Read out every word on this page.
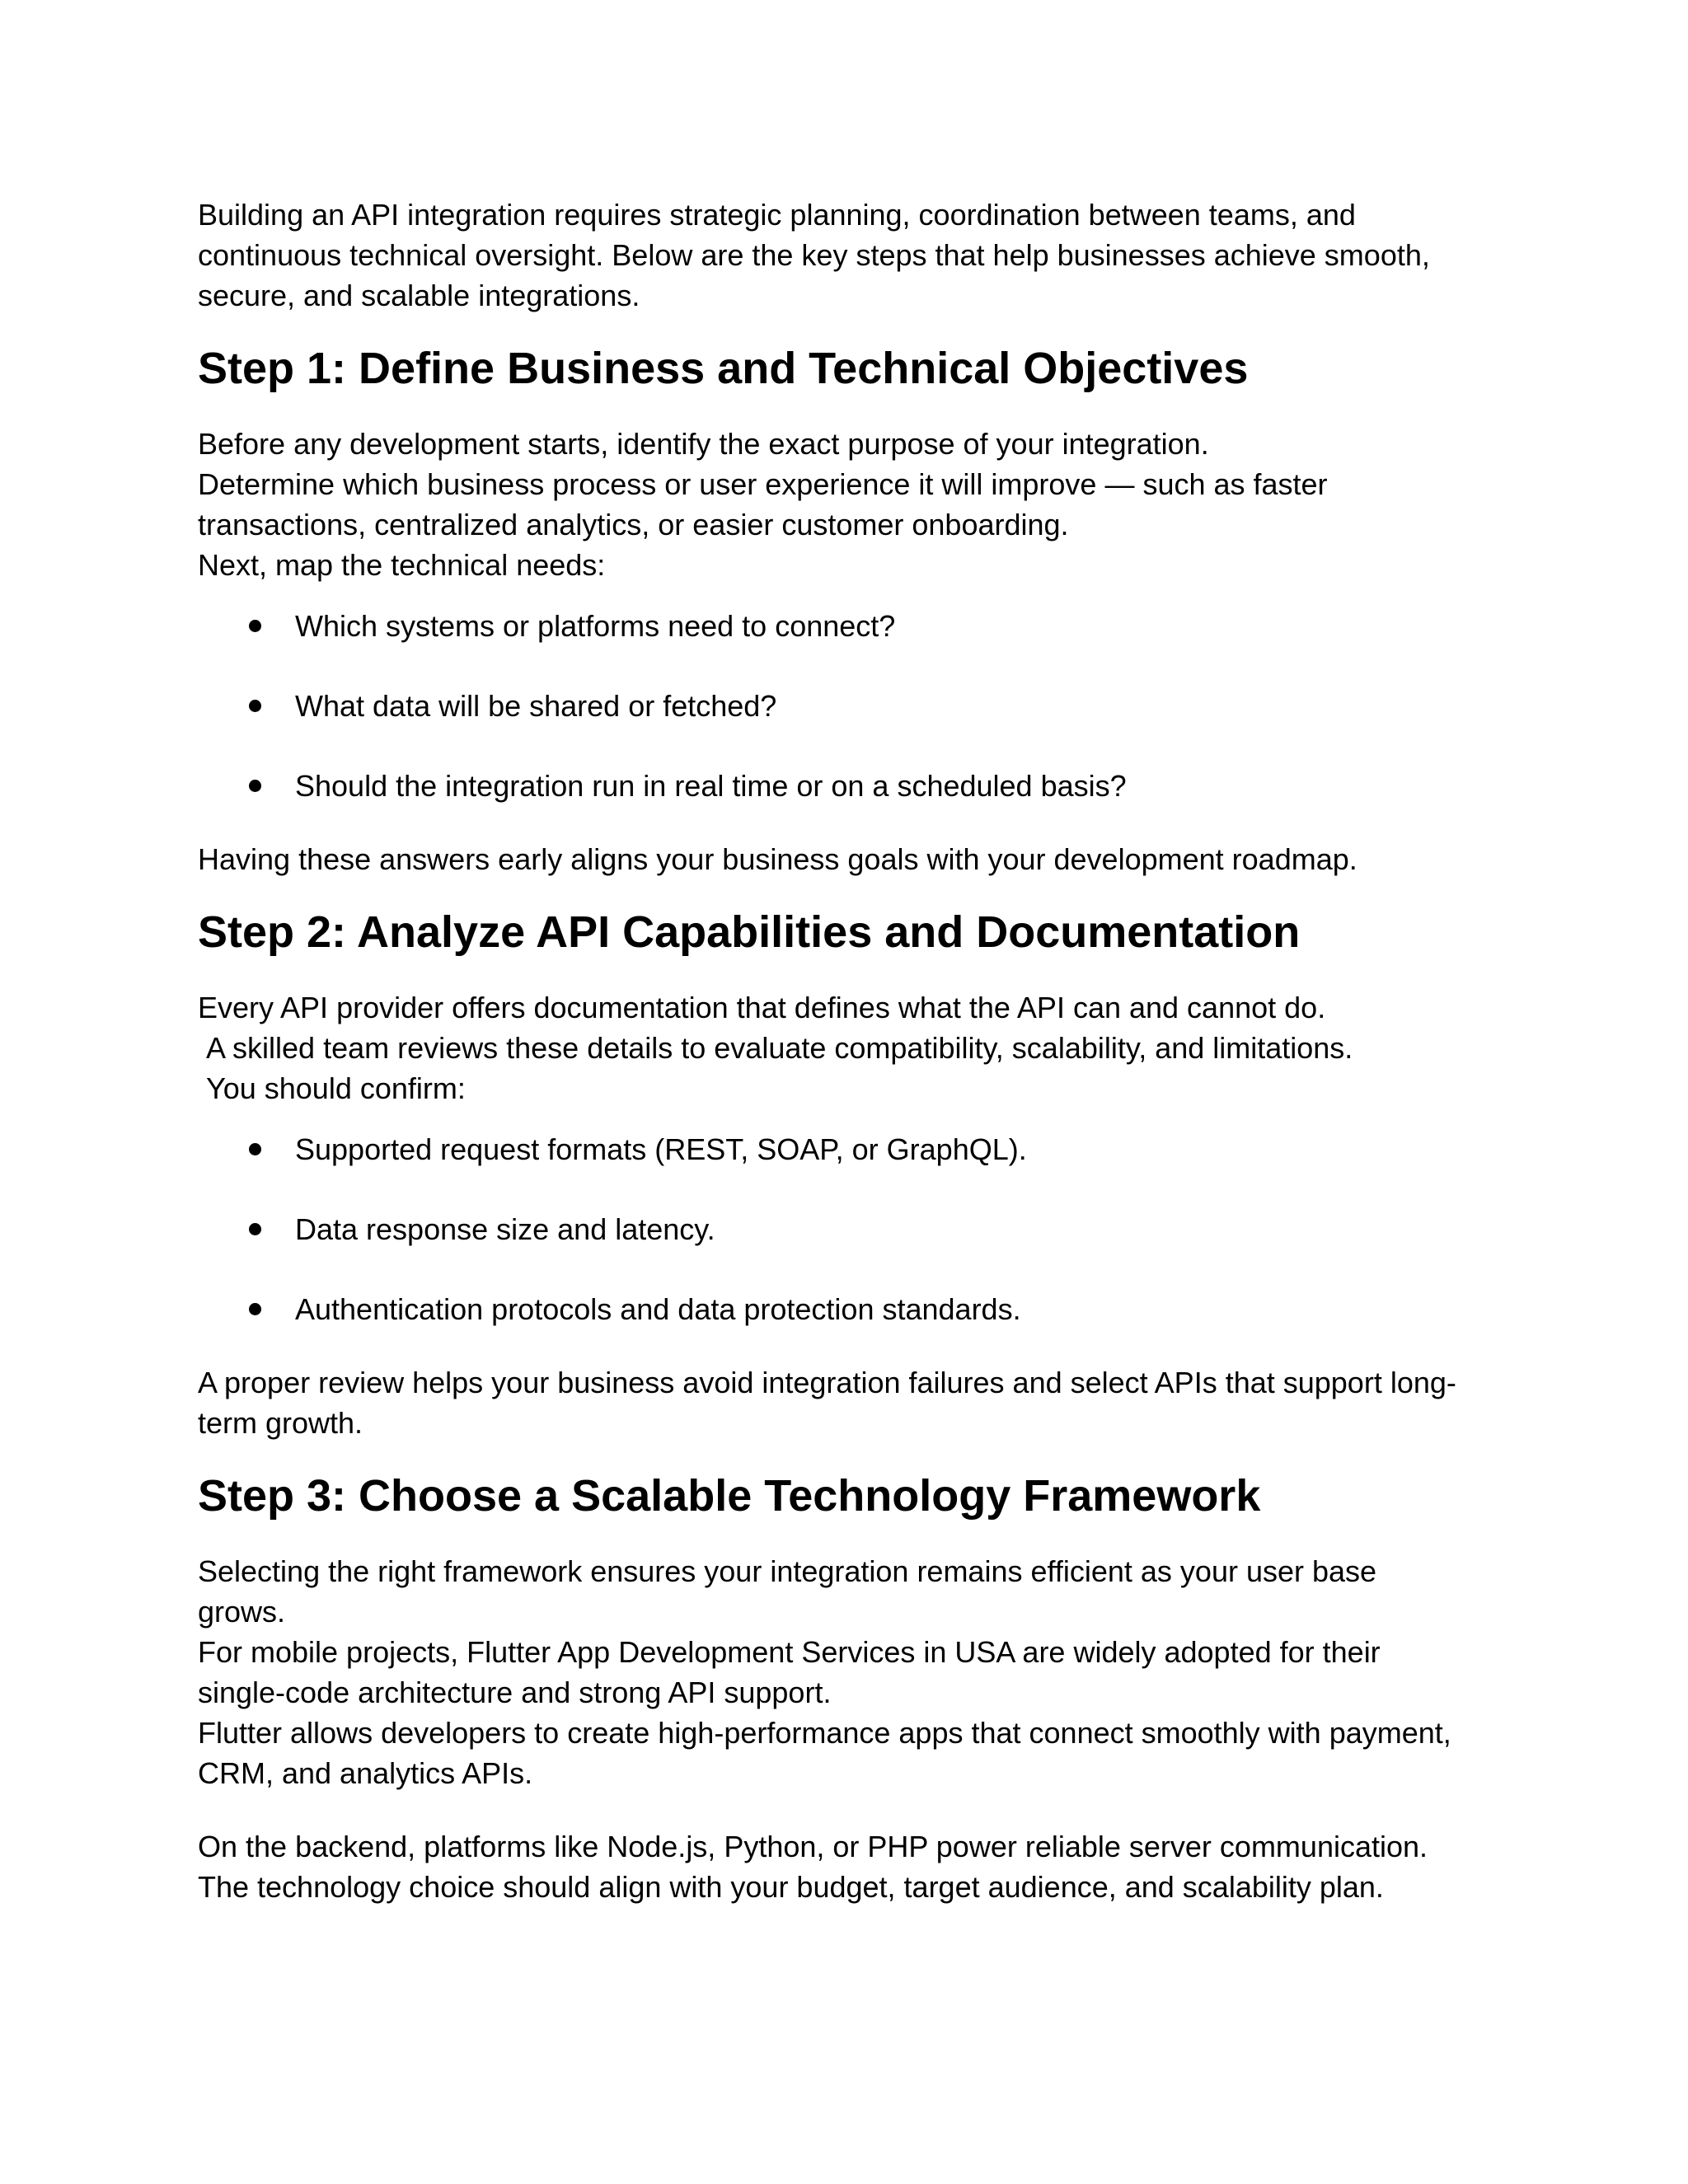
Building an API integration requires strategic planning, coordination between teams, and
continuous technical oversight. Below are the key steps that help businesses achieve smooth,
secure, and scalable integrations.

Step 1: Define Business and Technical Objectives

Before any development starts, identify the exact purpose of your integration.
Determine which business process or user experience it will improve — such as faster
transactions, centralized analytics, or easier customer onboarding.
Next, map the technical needs:

Which systems or platforms need to connect?
What data will be shared or fetched?
Should the integration run in real time or on a scheduled basis?

Having these answers early aligns your business goals with your development roadmap.

Step 2: Analyze API Capabilities and Documentation

Every API provider offers documentation that defines what the API can and cannot do.
A skilled team reviews these details to evaluate compatibility, scalability, and limitations.
You should confirm:

Supported request formats (REST, SOAP, or GraphQL).
Data response size and latency.
Authentication protocols and data protection standards.

A proper review helps your business avoid integration failures and select APIs that support long-
term growth.

Step 3: Choose a Scalable Technology Framework

Selecting the right framework ensures your integration remains efficient as your user base
grows.
For mobile projects, Flutter App Development Services in USA are widely adopted for their
single-code architecture and strong API support.
Flutter allows developers to create high-performance apps that connect smoothly with payment,
CRM, and analytics APIs.

On the backend, platforms like Node.js, Python, or PHP power reliable server communication.
The technology choice should align with your budget, target audience, and scalability plan.
